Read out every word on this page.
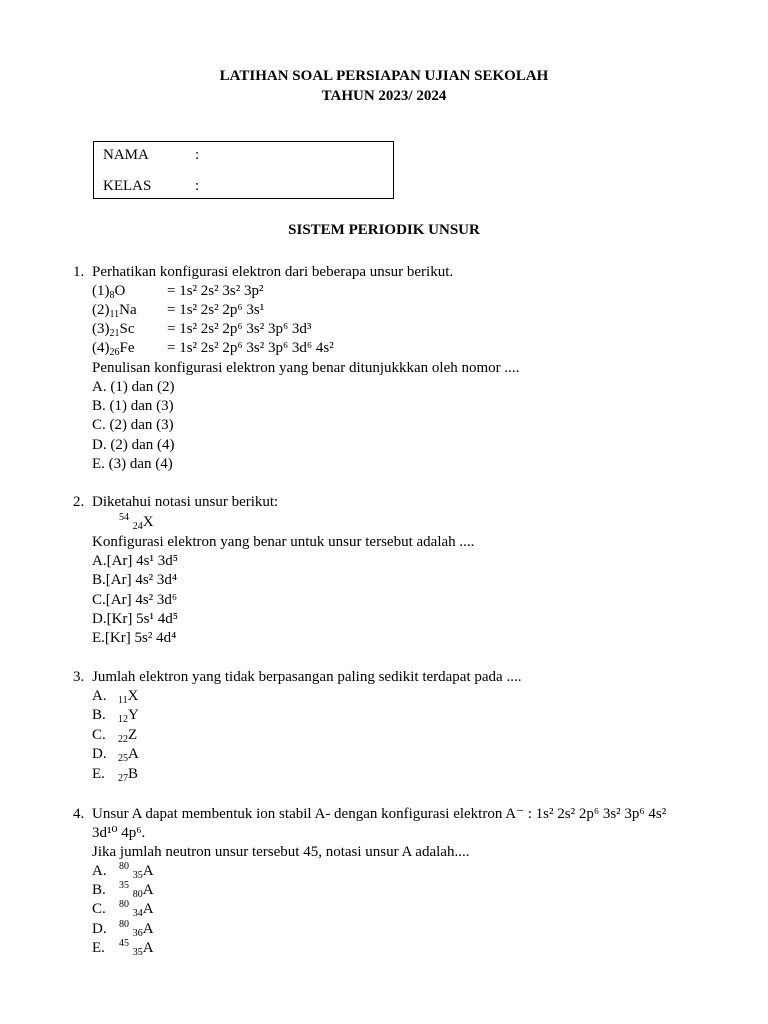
LATIHAN SOAL PERSIAPAN UJIAN SEKOLAH
TAHUN 2023/ 2024
NAMA	:
KELAS	:
SISTEM PERIODIK UNSUR
1. Perhatikan konfigurasi elektron dari beberapa unsur berikut.
$(1)_8O$	= 1s² 2s² 3s² 3p²
$(2)_{11}Na = 1s^2$ 2s² 2p⁶ 3s¹
$(3)_{21}Sc = 1s^2$ 2s² 2p⁶ 3s² 3p⁶ 3d³
$(4)_{26}Fe = 1s^2$ 2s² 2p⁶ 3s² 3p⁶ 3d⁶ 4s²
Penulisan konfigurasi elektron yang benar ditunjukkkan oleh nomor ....
A. (1) dan (2)
B. (1) dan (3)
C. (2) dan (3)
D. (2) dan (4)
E. (3) dan (4)
2. Diketahui notasi unsur berikut:
$^{54}$ $_{24}$X
Konfigurasi elektron yang benar untuk unsur tersebut adalah ....
A.[Ar] 4s¹ 3d⁵
B.[Ar] 4s² 3d⁴
C.[Ar] 4s² 3d⁶
D.[Kr] 5s¹ 4d⁵
E.[Kr] 5s² 4d⁴
3. Jumlah elektron yang tidak berpasangan paling sedikit terdapat pada ....
A. $_{11}$X
B. $_{12}$Y
C. $_{22}$Z
D. $_{25}$A
E. $_{27}$B
4. Unsur A dapat membentuk ion stabil A- dengan konfigurasi elektron A⁻ : 1s² 2s² 2p⁶ 3s² 3p⁶ 4s²
3d¹⁰ 4p⁶.
Jika jumlah neutron unsur tersebut 45, notasi unsur A adalah....
A. $^{80}$ $_{35}$A
B. $^{35}$ $_{80}$A
C. $^{80}$ $_{34}$A
D. $^{80}$ $_{36}$A
E. $^{45}$ $_{35}$A
